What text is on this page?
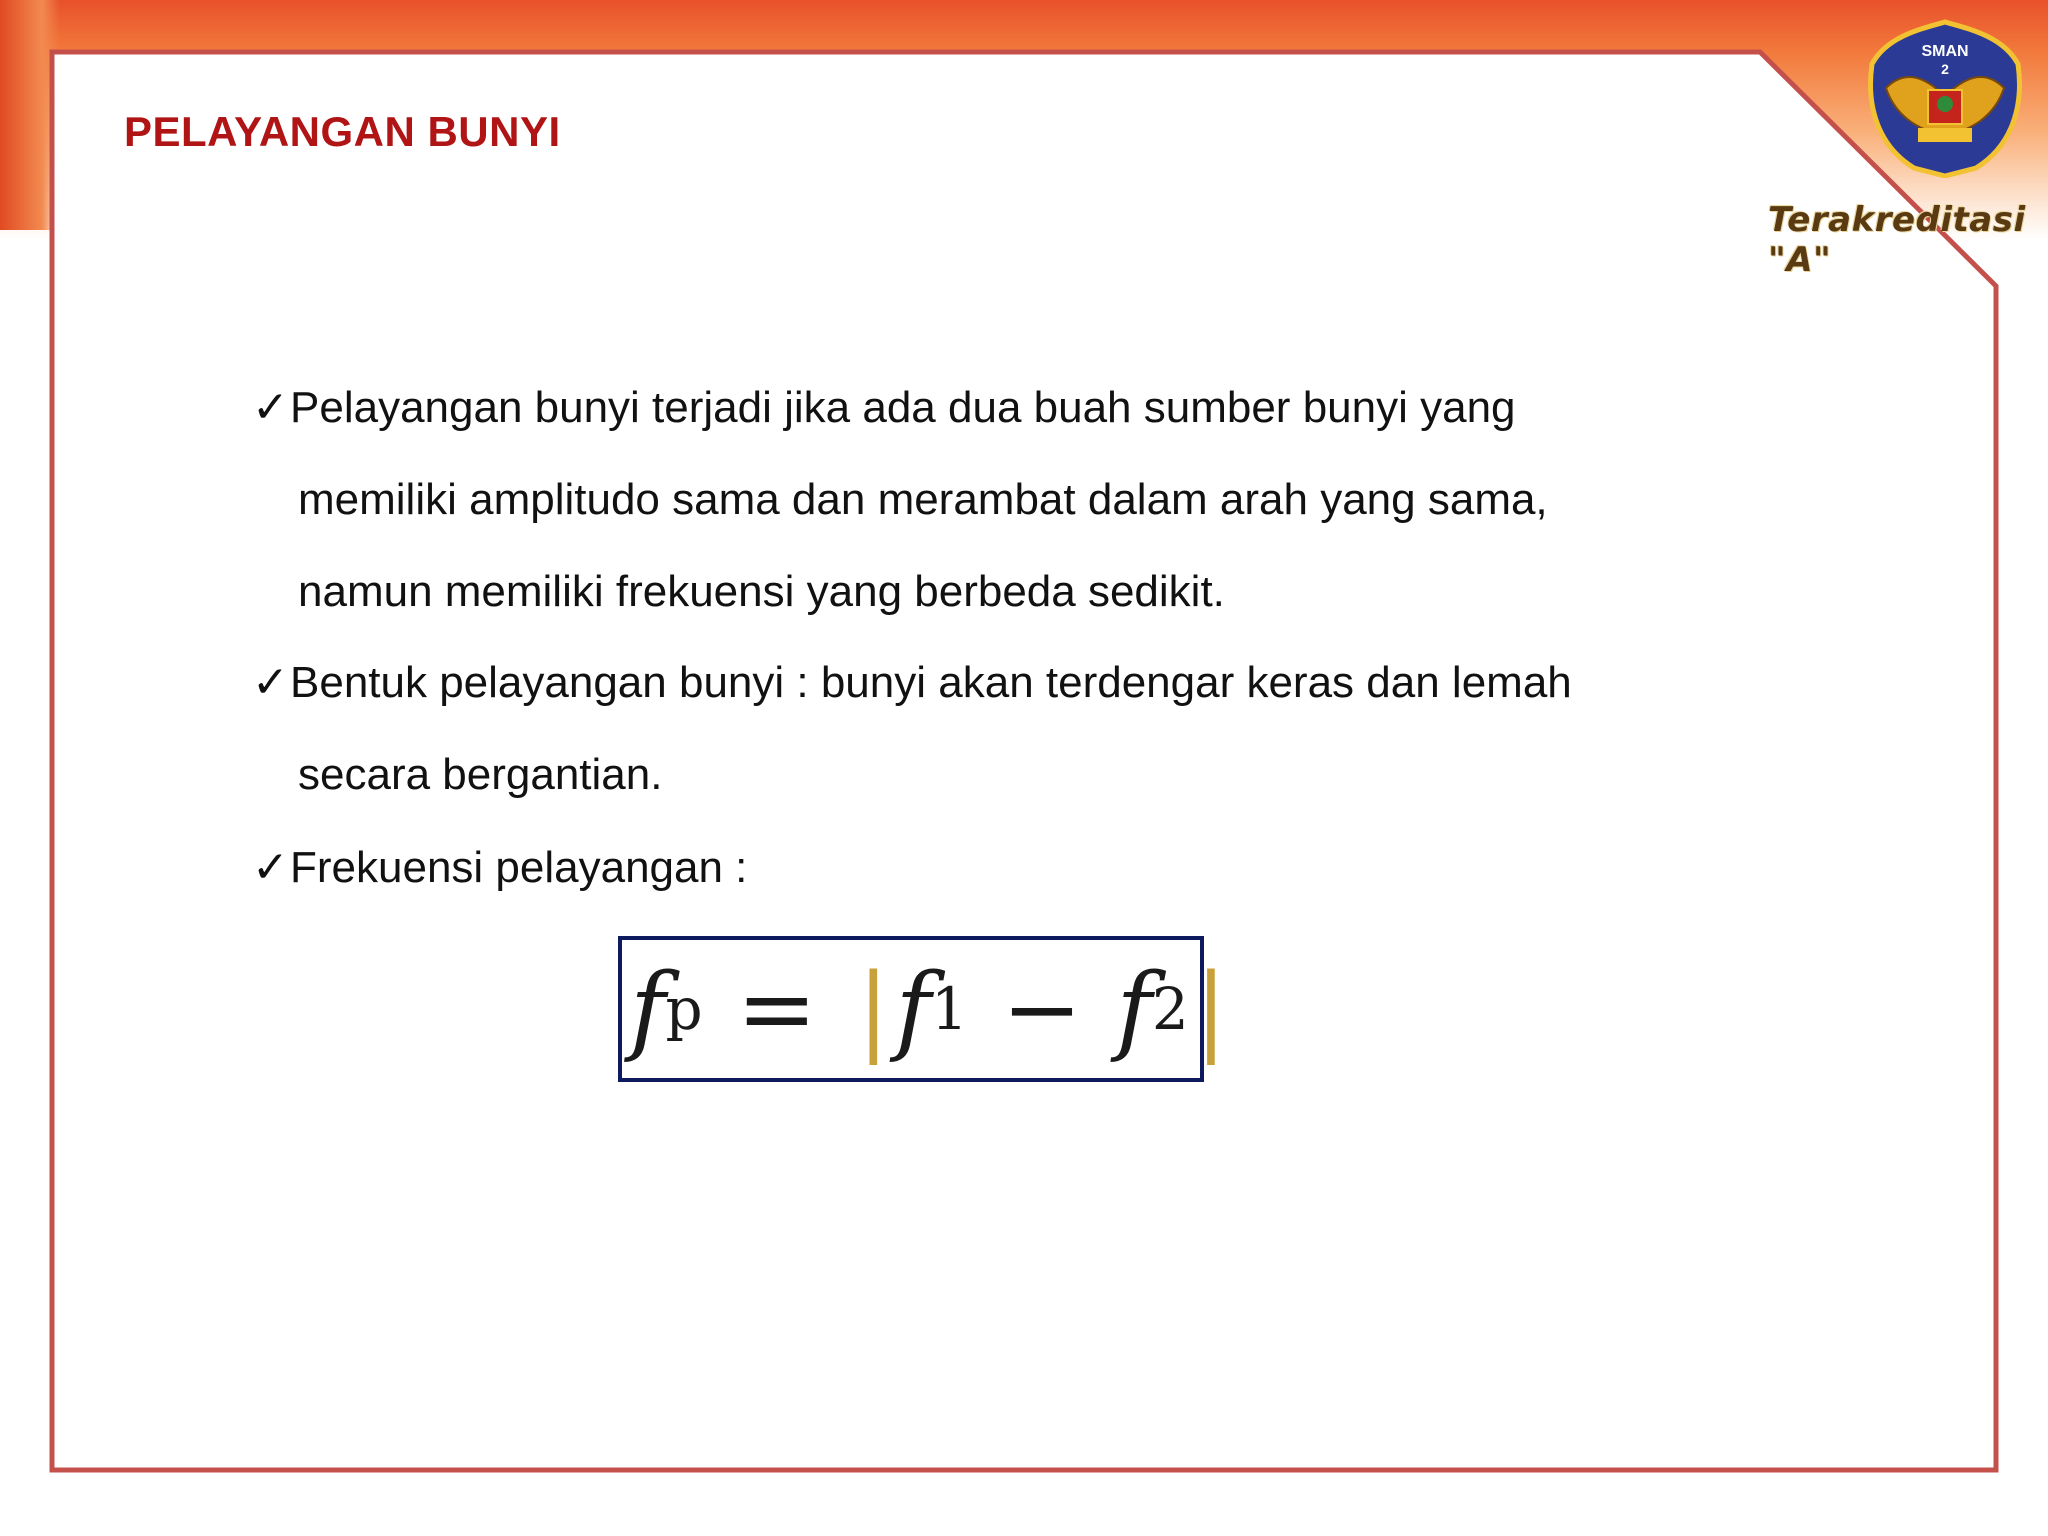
PELAYANGAN BUNYI

✓Pelayangan bunyi terjadi jika ada dua buah sumber bunyi yang
memiliki amplitudo sama dan merambat dalam arah yang sama,
namun memiliki frekuensi yang berbeda sedikit.

✓Bentuk pelayangan bunyi : bunyi akan terdengar keras dan lemah
secara bergantian.

✓Frekuensi pelayangan :

f p = | f 1 − f 2 |
SMAN
2

Terakreditasi "A"
